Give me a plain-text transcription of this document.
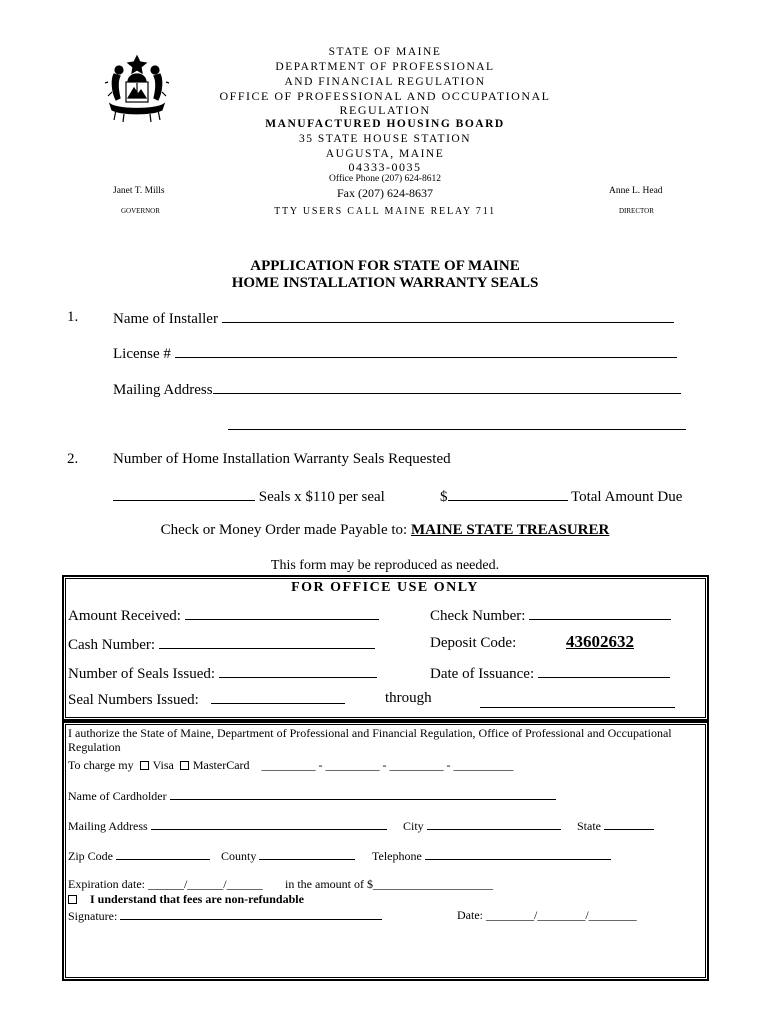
STATE OF MAINE
DEPARTMENT OF PROFESSIONAL
AND FINANCIAL REGULATION
OFFICE OF PROFESSIONAL AND OCCUPATIONAL
REGULATION
MANUFACTURED HOUSING BOARD
35 STATE HOUSE STATION
AUGUSTA, MAINE
04333-0035
Office Phone (207) 624-8612
Fax (207) 624-8637
TTY USERS CALL MAINE RELAY 711
Janet T. Mills
GOVERNOR
Anne L. Head
DIRECTOR
APPLICATION FOR STATE OF MAINE
HOME INSTALLATION WARRANTY SEALS
1. Name of Installer
License #
Mailing Address
2. Number of Home Installation Warranty Seals Requested
Seals x $110 per seal	$	Total Amount Due
Check or Money Order made Payable to: MAINE STATE TREASURER
This form may be reproduced as needed.
FOR OFFICE USE ONLY
Amount Received:	Check Number:
Cash Number:	Deposit Code:	43602632
Number of Seals Issued:	Date of Issuance:
Seal Numbers Issued:	through
I authorize the State of Maine, Department of Professional and Financial Regulation, Office of Professional and Occupational Regulation
To charge my Visa MasterCard _________ - _________ - _________ - __________
Name of Cardholder
Mailing Address	City	State
Zip Code	County	Telephone
Expiration date: ______/______/______ in the amount of $____________________
I understand that fees are non-refundable
Signature:	Date: ________/________/________
